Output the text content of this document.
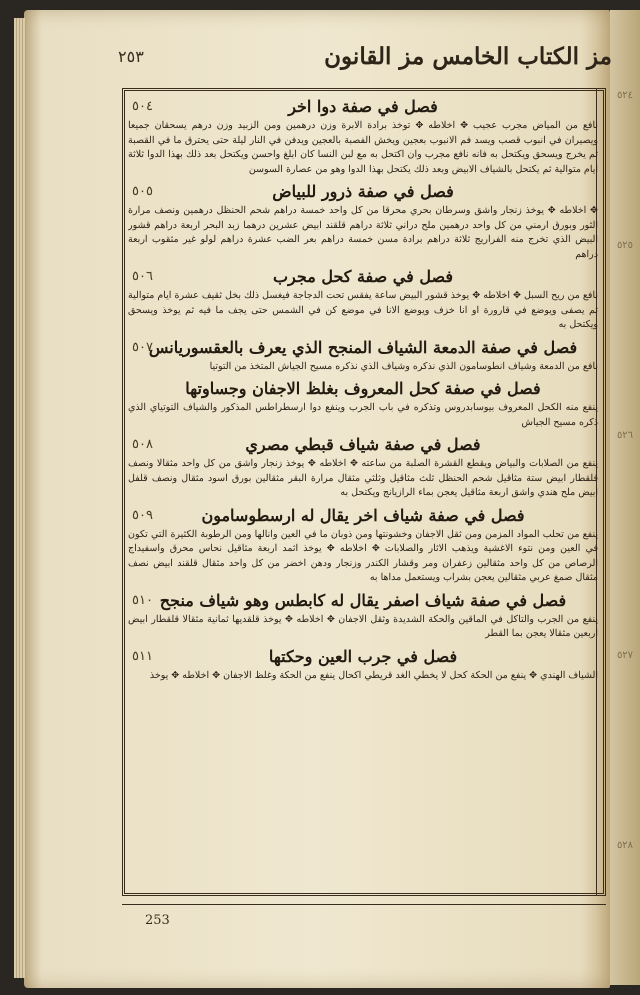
٥٢٤
٥٢٥
٥٢٦
٥٢٧
٥٢٨
مز الكتاب الخامس مز القانون
٢٥٣
٥٠٤	فصل في صفة دوا اخر
نافع من المياض مجرب عجيب ✥ اخلاطه ✥ توخذ برادة الابرة وزن درهمين ومن الزبيد وزن درهم يسحقان جميعا ويصيران في انبوب قصب ويسد فم الانبوب بعجين ويخش الفصبة بالعجين ويدفن في النار ليلة حتى يحترق ما في القصبة ثم يخرج ويسحق ويكتحل به فانه نافع مجرب وان اكتحل به مع لبن النسا كان ابلغ واحسن ويكتحل بعد ذلك بهذا الدوا ثلاثة ايام متوالية ثم يكتحل بالشياف الابيض وبعد ذلك يكتحل بهذا الدوا وهو من عصارة السوسن
٥٠٥	فصل في صفة ذرور للبياض
✥ اخلاطه ✥ يوخذ زنجار واشق وسرطان بحري محرقا من كل واحد خمسة دراهم شحم الحنظل درهمين ونصف مرارة الثور وبورق ارمني من كل واحد درهمين ملح دراني ثلاثة دراهم قلقند ابيض عشرين درهما زبد البحر اربعة دراهم قشور البيض الذي تخرج منه الفراريج ثلاثة دراهم برادة مسن خمسة دراهم بعر الضب عشرة دراهم لولو غير مثقوب اربعة دراهم
٥٠٦	فصل في صفة كحل مجرب
نافع من ريح السبل ✥ اخلاطه ✥ يوخذ قشور البيض ساعة يفقس تحت الدجاجة فيغسل ذلك بخل ثقيف عشرة ايام متوالية ثم يصفى ويوضع في قارورة او انا خزف ويوضع الانا في موضع كن في الشمس حتى يجف ما فيه ثم يوخذ ويسحق ويكتحل به
٥٠٧
فصل في صفة الدمعة الشياف المنجح الذي يعرف بالعقسوريانس
نافع من الدمعة وشياف انطوسامون الذي نذكره وشياف الذي نذكره مسيح الجياش المتخذ من التوتيا
فصل في صفة كحل المعروف بغلظ الاجفان وجساوتها
ينفع منه الكحل المعروف بيوسابدروس وتذكره في باب الجرب وينفع دوا ارسطراطس المذكور والشياف التوتياي الذي ذكره مسيح الجياش
٥٠٨	فصل في صفة شياف قبطي مصري
ينفع من الصلابات والبياض ويقطع القشرة الصلبة من ساعته ✥ اخلاطه ✥ يوخذ زنجار واشق من كل واحد مثقالا ونصف قلقطار ابيض ستة مثاقيل شحم الحنظل ثلث مثاقيل وثلثي مثقال مرارة البقر مثقالين بورق اسود مثقال ونصف قلفل ابيض ملح هندي واشق اربعة مثاقيل يعجن بماء الرازيانج ويكتحل به
٥٠٩	فصل في صفة شياف اخر يقال له ارسطوسامون
ينفع من تحلب المواد المزمن ومن ثقل الاجفان وخشونتها ومن ذوبان ما في العين وانالها ومن الرطوبة الكثيرة التي تكون في العين ومن نتوء الاغشية ويذهب الاثار والصلابات ✥ اخلاطه ✥ يوخذ اثمد اربعة مثاقيل نحاس محرق واسفيداج الرصاص من كل واحد مثقالين زعفران ومر وقشار الكندر وزنجار ودهن اخضر من كل واحد مثقال قلقند ابيض نصف مثقال صمغ عربي مثقالين يعجن بشراب ويستعمل مداها به
٥١٠ فصل في صفة شياف اصفر يقال له كابطس وهو شياف منجح
ينفع من الجرب والتاكل في الماقين والحكة الشديدة وثقل الاجفان ✥ اخلاطه ✥ يوخذ قلقديها ثمانية مثقالا قلقطار ابيض اربعين مثقالا يعجن بما القطر
٥١١	فصل في جرب العين وحكتها
الشياف الهندي ✥ ينفع من الحكة كحل لا يخطي الغد قريطي اكحال ينفع من الحكة وغلظ الاجفان ✥ اخلاطه ✥ يوخذ
253
